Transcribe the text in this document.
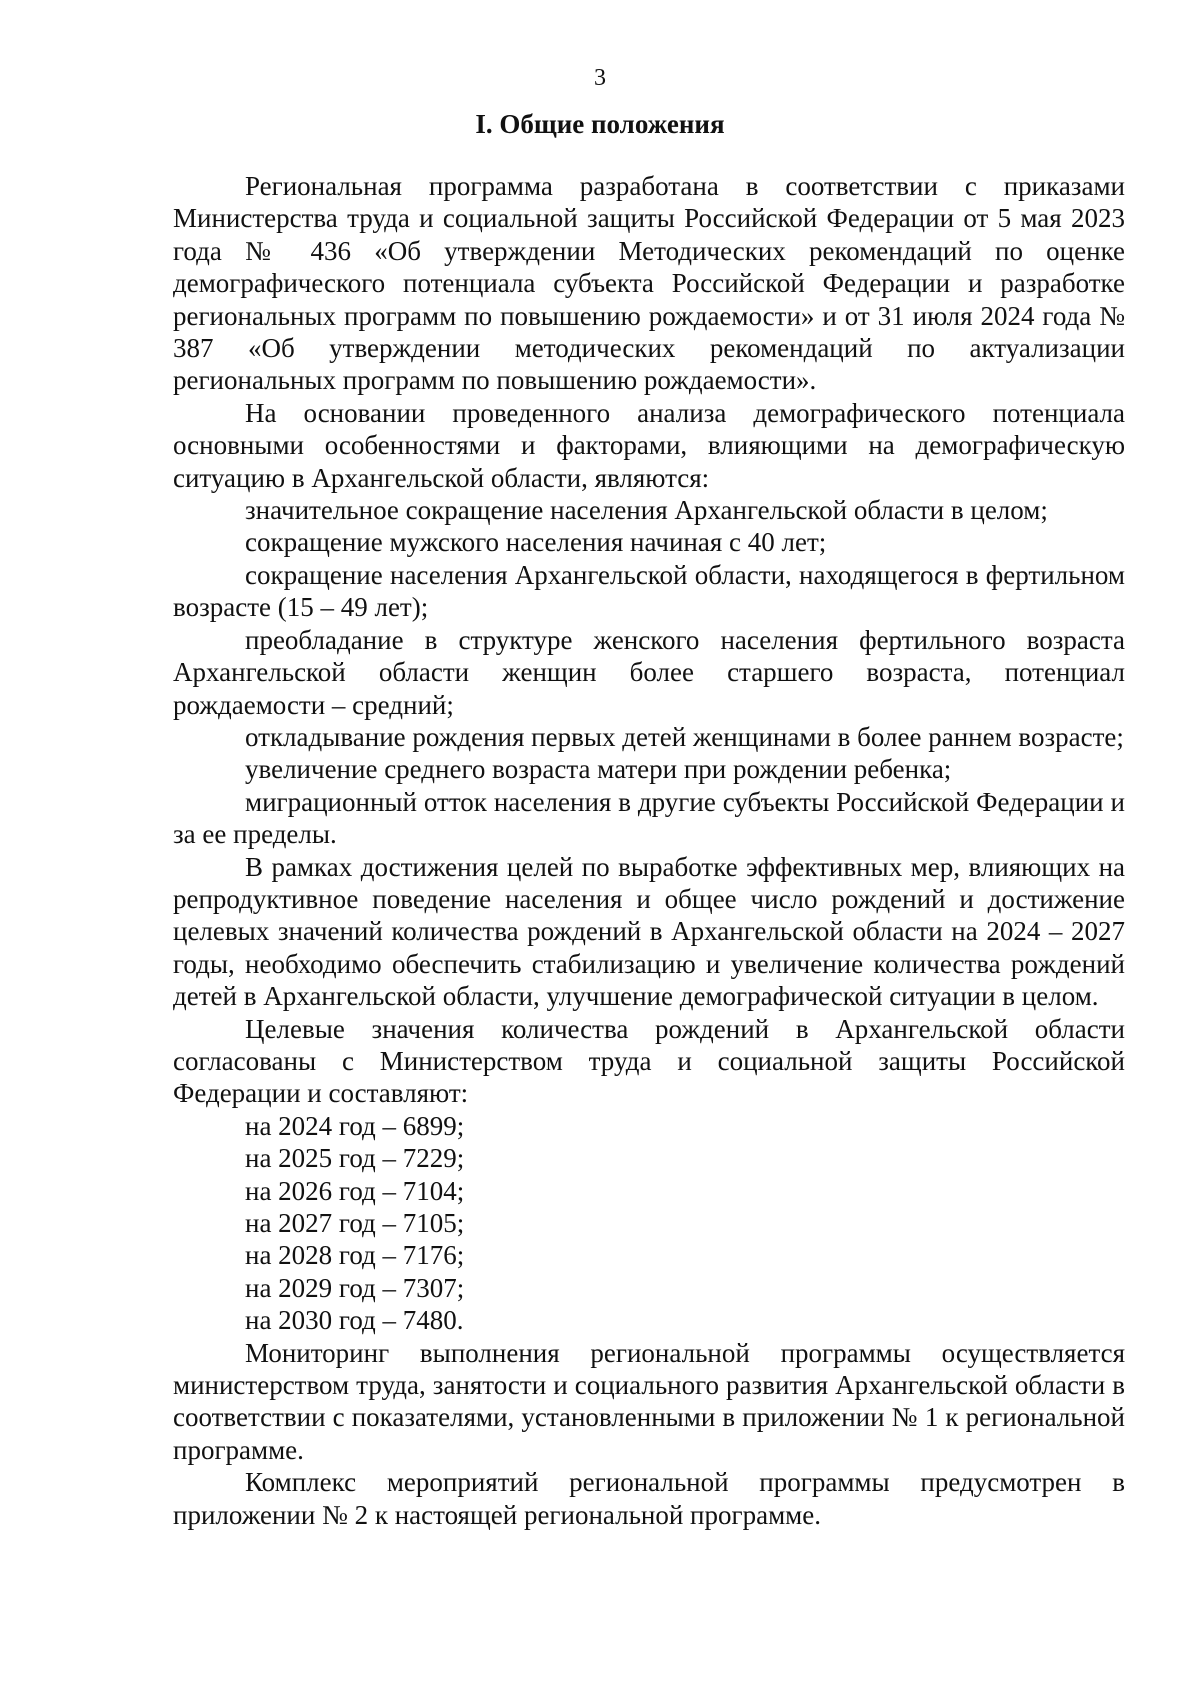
3
I. Общие положения

Региональная программа разработана в соответствии с приказами Министерства труда и социальной защиты Российской Федерации от 5 мая 2023 года № 436 «Об утверждении Методических рекомендаций по оценке демографического потенциала субъекта Российской Федерации и разработке региональных программ по повышению рождаемости» и от 31 июля 2024 года № 387 «Об утверждении методических рекомендаций по актуализации региональных программ по повышению рождаемости».

На основании проведенного анализа демографического потенциала основными особенностями и факторами, влияющими на демографическую ситуацию в Архангельской области, являются:

значительное сокращение населения Архангельской области в целом;

сокращение мужского населения начиная с 40 лет;

сокращение населения Архангельской области, находящегося в фертильном возрасте (15 – 49 лет);

преобладание в структуре женского населения фертильного возраста Архангельской области женщин более старшего возраста, потенциал рождаемости – средний;

откладывание рождения первых детей женщинами в более раннем возрасте;

увеличение среднего возраста матери при рождении ребенка;

миграционный отток населения в другие субъекты Российской Федерации и за ее пределы.

В рамках достижения целей по выработке эффективных мер, влияющих на репродуктивное поведение населения и общее число рождений и достижение целевых значений количества рождений в Архангельской области на 2024 – 2027 годы, необходимо обеспечить стабилизацию и увеличение количества рождений детей в Архангельской области, улучшение демографической ситуации в целом.

Целевые значения количества рождений в Архангельской области согласованы с Министерством труда и социальной защиты Российской Федерации и составляют:

на 2024 год – 6899;

на 2025 год – 7229;

на 2026 год – 7104;

на 2027 год – 7105;

на 2028 год – 7176;

на 2029 год – 7307;

на 2030 год – 7480.

Мониторинг выполнения региональной программы осуществляется министерством труда, занятости и социального развития Архангельской области в соответствии с показателями, установленными в приложении № 1 к региональной программе.

Комплекс мероприятий региональной программы предусмотрен в приложении № 2 к настоящей региональной программе.
